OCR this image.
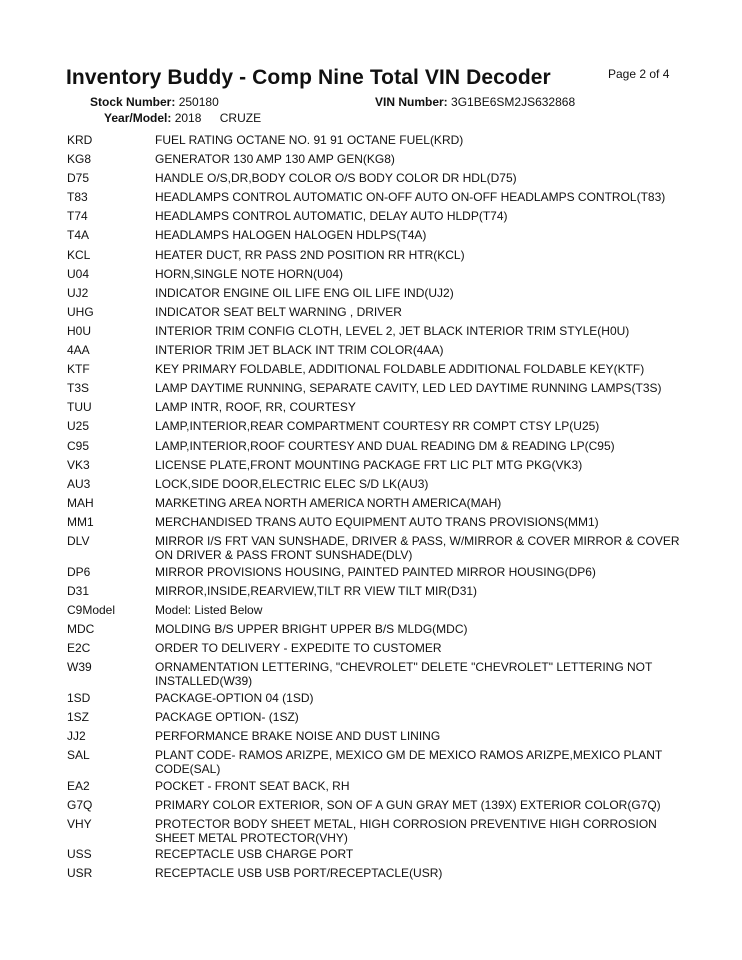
Inventory Buddy - Comp Nine Total VIN Decoder	Page 2 of 4
Stock Number: 250180	VIN Number: 3G1BE6SM2JS632868
Year/Model: 2018 CRUZE
KRD	FUEL RATING OCTANE NO. 91 91 OCTANE FUEL(KRD)
KG8	GENERATOR 130 AMP 130 AMP GEN(KG8)
D75	HANDLE O/S,DR,BODY COLOR O/S BODY COLOR DR HDL(D75)
T83	HEADLAMPS CONTROL AUTOMATIC ON-OFF AUTO ON-OFF HEADLAMPS CONTROL(T83)
T74	HEADLAMPS CONTROL AUTOMATIC, DELAY AUTO HLDP(T74)
T4A	HEADLAMPS HALOGEN HALOGEN HDLPS(T4A)
KCL	HEATER DUCT, RR PASS 2ND POSITION RR HTR(KCL)
U04	HORN,SINGLE NOTE HORN(U04)
UJ2	INDICATOR ENGINE OIL LIFE ENG OIL LIFE IND(UJ2)
UHG	INDICATOR SEAT BELT WARNING , DRIVER
H0U	INTERIOR TRIM CONFIG CLOTH, LEVEL 2, JET BLACK INTERIOR TRIM STYLE(H0U)
4AA	INTERIOR TRIM JET BLACK INT TRIM COLOR(4AA)
KTF	KEY PRIMARY FOLDABLE, ADDITIONAL FOLDABLE ADDITIONAL FOLDABLE KEY(KTF)
T3S	LAMP DAYTIME RUNNING, SEPARATE CAVITY, LED LED DAYTIME RUNNING LAMPS(T3S)
TUU	LAMP INTR, ROOF, RR, COURTESY
U25	LAMP,INTERIOR,REAR COMPARTMENT COURTESY RR COMPT CTSY LP(U25)
C95	LAMP,INTERIOR,ROOF COURTESY AND DUAL READING DM & READING LP(C95)
VK3	LICENSE PLATE,FRONT MOUNTING PACKAGE FRT LIC PLT MTG PKG(VK3)
AU3	LOCK,SIDE DOOR,ELECTRIC ELEC S/D LK(AU3)
MAH	MARKETING AREA NORTH AMERICA NORTH AMERICA(MAH)
MM1	MERCHANDISED TRANS AUTO EQUIPMENT AUTO TRANS PROVISIONS(MM1)
DLV	MIRROR I/S FRT VAN SUNSHADE, DRIVER & PASS, W/MIRROR & COVER MIRROR & COVER ON DRIVER & PASS FRONT SUNSHADE(DLV)
DP6	MIRROR PROVISIONS HOUSING, PAINTED PAINTED MIRROR HOUSING(DP6)
D31	MIRROR,INSIDE,REARVIEW,TILT RR VIEW TILT MIR(D31)
C9Model	Model: Listed Below
MDC	MOLDING B/S UPPER BRIGHT UPPER B/S MLDG(MDC)
E2C	ORDER TO DELIVERY - EXPEDITE TO CUSTOMER
W39	ORNAMENTATION LETTERING, "CHEVROLET" DELETE "CHEVROLET" LETTERING NOT INSTALLED(W39)
1SD	PACKAGE-OPTION 04 (1SD)
1SZ	PACKAGE OPTION- (1SZ)
JJ2	PERFORMANCE BRAKE NOISE AND DUST LINING
SAL	PLANT CODE- RAMOS ARIZPE, MEXICO GM DE MEXICO RAMOS ARIZPE,MEXICO PLANT CODE(SAL)
EA2	POCKET - FRONT SEAT BACK, RH
G7Q	PRIMARY COLOR EXTERIOR, SON OF A GUN GRAY MET (139X) EXTERIOR COLOR(G7Q)
VHY	PROTECTOR BODY SHEET METAL, HIGH CORROSION PREVENTIVE HIGH CORROSION SHEET METAL PROTECTOR(VHY)
USS	RECEPTACLE USB CHARGE PORT
USR	RECEPTACLE USB USB PORT/RECEPTACLE(USR)
